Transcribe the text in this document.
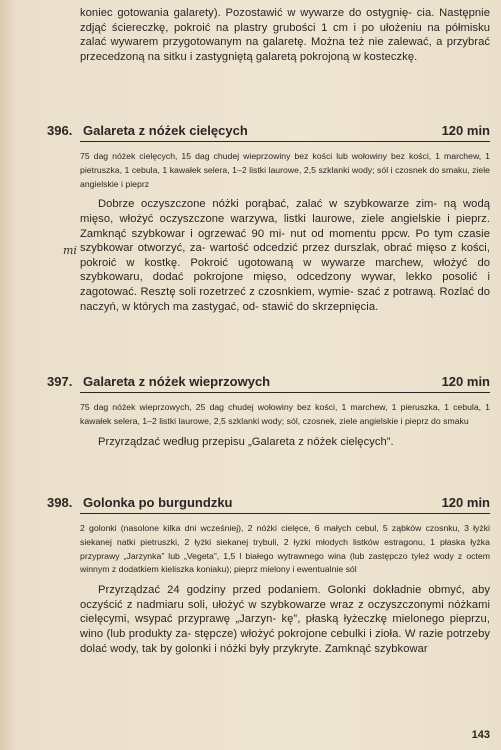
koniec gotowania galarety). Pozostawić w wywarze do ostygnię- cia. Następnie zdjąć ściereczkę, pokroić na plastry grubości 1 cm i po ułożeniu na półmisku zalać wywarem przygotowanym na galaretę. Można też nie zalewać, a przybrać przecedzoną na sitku i zastygniętą galaretą pokrojoną w kosteczkę.

396. Galareta z nóżek cielęcych	120 min

75 dag nóżek cielęcych, 15 dag chudej wieprzowiny bez kości lub wołowiny bez kości, 1 marchew, 1 pietruszka, 1 cebula, 1 kawałek selera, 1–2 listki laurowe, 2,5 szklanki wody; sól i czosnek do smaku, ziele angielskie i pieprz

Dobrze oczyszczone nóżki porąbać, zalać w szybkowarze zim- ną wodą mięso, włożyć oczyszczone warzywa, listki laurowe, ziele angielskie i pieprz. Zamknąć szybkowar i ogrzewać 90 mi- nut od momentu ppcw. Po tym czasie szybkowar otworzyć, za- wartość odcedzić przez durszlak, obrać mięso z kości, pokroić w kostkę. Pokroić ugotowaną w wywarze marchew, włożyć do szybkowaru, dodać pokrojone mięso, odcedzony wywar, lekko posolić i zagotować. Resztę soli rozetrzeć z czosnkiem, wymie- szać z potrawą. Rozlać do naczyń, w których ma zastygać, od- stawić do skrzepnięcia.

397. Galareta z nóżek wieprzowych	120 min

75 dag nóżek wieprzowych, 25 dag chudej wołowiny bez kości, 1 marchew, 1 pieruszka, 1 cebula, 1 kawałek selera, 1–2 listki laurowe, 2,5 szklanki wody; sól, czosnek, ziele angielskie i pieprz do smaku

Przyrządzać według przepisu „Galareta z nóżek cielęcych”.

398. Golonka po burgundzku	120 min

2 golonki (nasolone kilka dni wcześniej), 2 nóżki cielęce, 6 małych cebul, 5 ząbków czosnku, 3 łyżki siekanej natki pietruszki, 2 łyżki siekanej trybuli, 2 łyżki młodych listków estragonu, 1 płaska łyżka przyprawy „Jarzynka” lub „Vegeta”, 1,5 l białego wytrawnego wina (lub zastępczo tyleż wody z octem winnym z dodatkiem kieliszka koniaku); pieprz mielony i ewentualnie sól

Przyrządzać 24 godziny przed podaniem. Golonki dokładnie obmyć, aby oczyścić z nadmiaru soli, ułożyć w szybkowarze wraz z oczyszczonymi nóżkami cielęcymi, wsypać przyprawę „Jarzyn- kę”, płaską łyżeczkę mielonego pieprzu, wino (lub produkty za- stępcze) włożyć pokrojone cebulki i zioła. W razie potrzeby dolać wody, tak by golonki i nóżki były przykryte. Zamknąć szybkowar

mi
143
